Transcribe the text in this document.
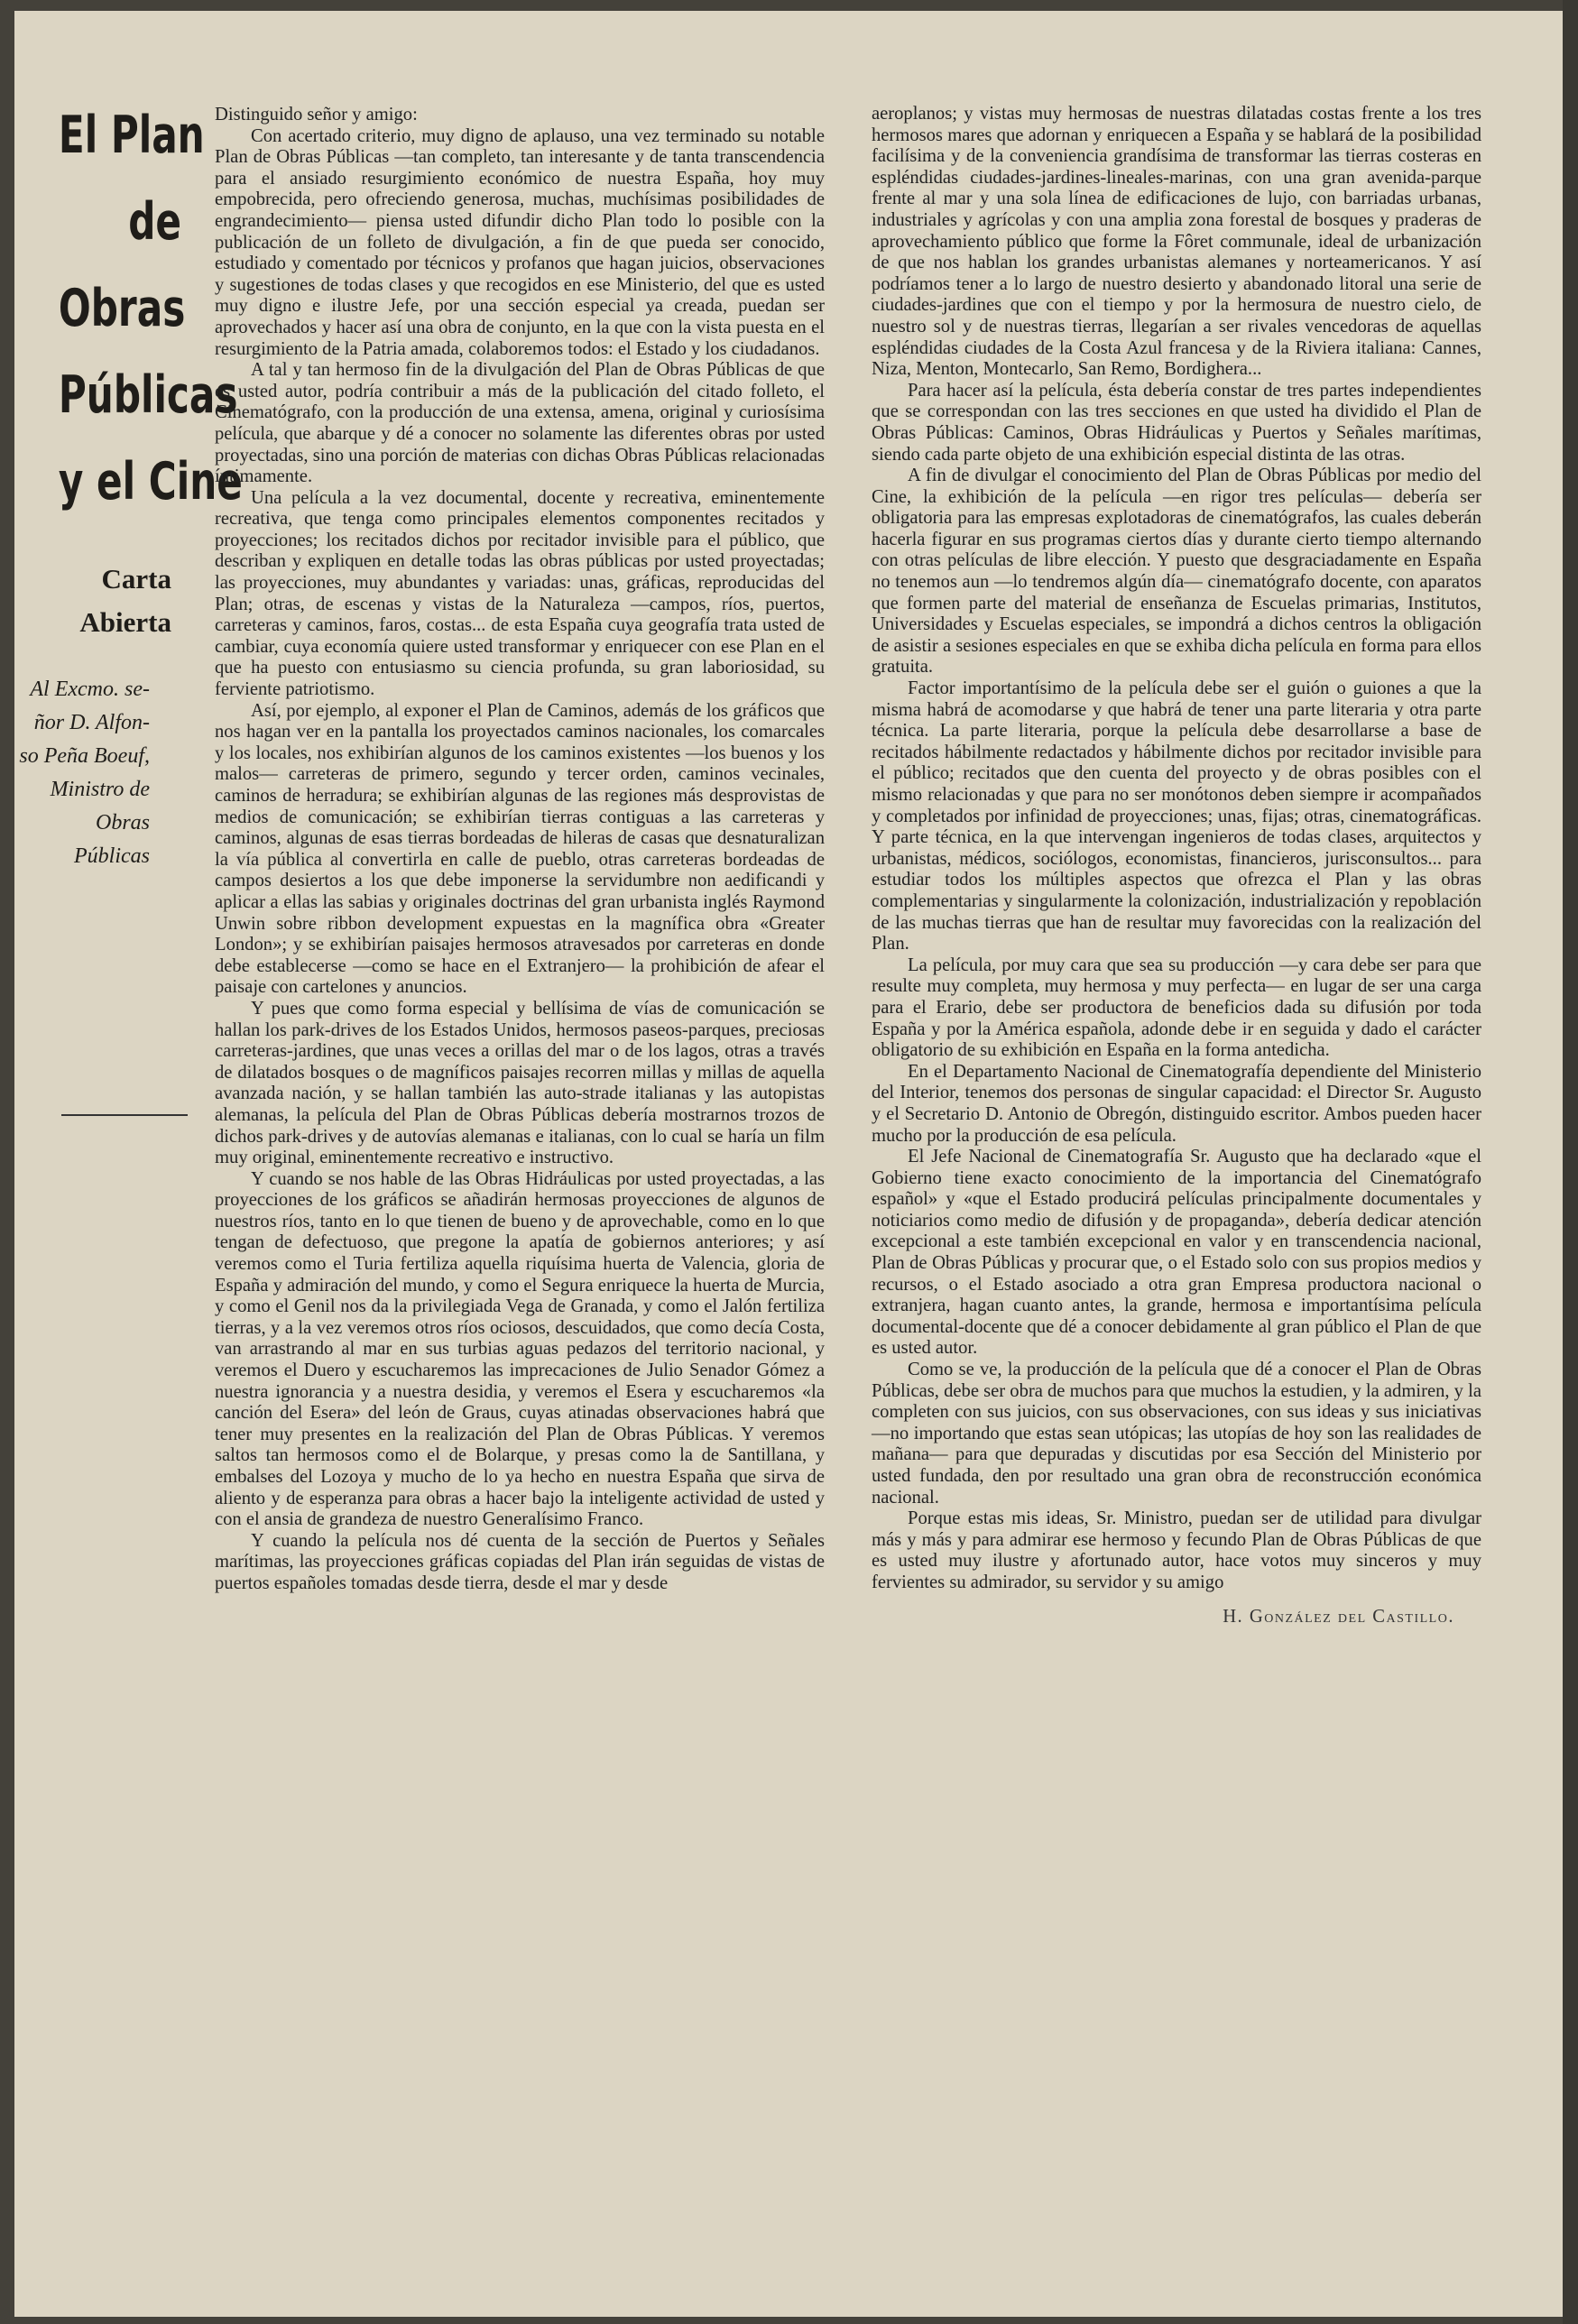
El Plan
de
Obras
Públicas
y el Cine
Carta
Abierta
Al Excmo. se-
ñor D. Alfon-
so Peña Boeuf,
Ministro de
Obras
Públicas

Distinguido señor y amigo:

Con acertado criterio, muy digno de aplauso, una vez terminado su notable Plan de Obras Públicas —tan completo, tan interesante y de tanta transcendencia para el ansiado resurgimiento económico de nuestra España, hoy muy empobrecida, pero ofreciendo generosa, muchas, muchísimas posibilidades de engrandecimiento— piensa usted difundir dicho Plan todo lo posible con la publicación de un folleto de divulgación, a fin de que pueda ser conocido, estudiado y comentado por técnicos y profanos que hagan juicios, observaciones y sugestiones de todas clases y que recogidos en ese Ministerio, del que es usted muy digno e ilustre Jefe, por una sección especial ya creada, puedan ser aprovechados y hacer así una obra de conjunto, en la que con la vista puesta en el resurgimiento de la Patria amada, colaboremos todos: el Estado y los ciudadanos.

A tal y tan hermoso fin de la divulgación del Plan de Obras Públicas de que es usted autor, podría contribuir a más de la publicación del citado folleto, el Cinematógrafo, con la producción de una extensa, amena, original y curiosísima película, que abarque y dé a conocer no solamente las diferentes obras por usted proyectadas, sino una porción de materias con dichas Obras Públicas relacionadas íntimamente.

Una película a la vez documental, docente y recreativa, eminentemente recreativa, que tenga como principales elementos componentes recitados y proyecciones; los recitados dichos por recitador invisible para el público, que describan y expliquen en detalle todas las obras públicas por usted proyectadas; las proyecciones, muy abundantes y variadas: unas, gráficas, reproducidas del Plan; otras, de escenas y vistas de la Naturaleza —campos, ríos, puertos, carreteras y caminos, faros, costas... de esta España cuya geografía trata usted de cambiar, cuya economía quiere usted transformar y enriquecer con ese Plan en el que ha puesto con entusiasmo su ciencia profunda, su gran laboriosidad, su ferviente patriotismo.

Así, por ejemplo, al exponer el Plan de Caminos, además de los gráficos que nos hagan ver en la pantalla los proyectados caminos nacionales, los comarcales y los locales, nos exhibirían algunos de los caminos existentes —los buenos y los malos— carreteras de primero, segundo y tercer orden, caminos vecinales, caminos de herradura; se exhibirían algunas de las regiones más desprovistas de medios de comunicación; se exhibirían tierras contiguas a las carreteras y caminos, algunas de esas tierras bordeadas de hileras de casas que desnaturalizan la vía pública al convertirla en calle de pueblo, otras carreteras bordeadas de campos desiertos a los que debe imponerse la servidumbre non aedificandi y aplicar a ellas las sabias y originales doctrinas del gran urbanista inglés Raymond Unwin sobre ribbon development expuestas en la magnífica obra «Greater London»; y se exhibirían paisajes hermosos atravesados por carreteras en donde debe establecerse —como se hace en el Extranjero— la prohibición de afear el paisaje con cartelones y anuncios.

Y pues que como forma especial y bellísima de vías de comunicación se hallan los park-drives de los Estados Unidos, hermosos paseos-parques, preciosas carreteras-jardines, que unas veces a orillas del mar o de los lagos, otras a través de dilatados bosques o de magníficos paisajes recorren millas y millas de aquella avanzada nación, y se hallan también las auto-strade italianas y las autopistas alemanas, la película del Plan de Obras Públicas debería mostrarnos trozos de dichos park-drives y de autovías alemanas e italianas, con lo cual se haría un film muy original, eminentemente recreativo e instructivo.

Y cuando se nos hable de las Obras Hidráulicas por usted proyectadas, a las proyecciones de los gráficos se añadirán hermosas proyecciones de algunos de nuestros ríos, tanto en lo que tienen de bueno y de aprovechable, como en lo que tengan de defectuoso, que pregone la apatía de gobiernos anteriores; y así veremos como el Turia fertiliza aquella riquísima huerta de Valencia, gloria de España y admiración del mundo, y como el Segura enriquece la huerta de Murcia, y como el Genil nos da la privilegiada Vega de Granada, y como el Jalón fertiliza tierras, y a la vez veremos otros ríos ociosos, descuidados, que como decía Costa, van arrastrando al mar en sus turbias aguas pedazos del territorio nacional, y veremos el Duero y escucharemos las imprecaciones de Julio Senador Gómez a nuestra ignorancia y a nuestra desidia, y veremos el Esera y escucharemos «la canción del Esera» del león de Graus, cuyas atinadas observaciones habrá que tener muy presentes en la realización del Plan de Obras Públicas. Y veremos saltos tan hermosos como el de Bolarque, y presas como la de Santillana, y embalses del Lozoya y mucho de lo ya hecho en nuestra España que sirva de aliento y de esperanza para obras a hacer bajo la inteligente actividad de usted y con el ansia de grandeza de nuestro Generalísimo Franco.

Y cuando la película nos dé cuenta de la sección de Puertos y Señales marítimas, las proyecciones gráficas copiadas del Plan irán seguidas de vistas de puertos españoles tomadas desde tierra, desde el mar y desde

aeroplanos; y vistas muy hermosas de nuestras dilatadas costas frente a los tres hermosos mares que adornan y enriquecen a España y se hablará de la posibilidad facilísima y de la conveniencia grandísima de transformar las tierras costeras en espléndidas ciudades-jardines-lineales-marinas, con una gran avenida-parque frente al mar y una sola línea de edificaciones de lujo, con barriadas urbanas, industriales y agrícolas y con una amplia zona forestal de bosques y praderas de aprovechamiento público que forme la Fôret communale, ideal de urbanización de que nos hablan los grandes urbanistas alemanes y norteamericanos. Y así podríamos tener a lo largo de nuestro desierto y abandonado litoral una serie de ciudades-jardines que con el tiempo y por la hermosura de nuestro cielo, de nuestro sol y de nuestras tierras, llegarían a ser rivales vencedoras de aquellas espléndidas ciudades de la Costa Azul francesa y de la Riviera italiana: Cannes, Niza, Menton, Montecarlo, San Remo, Bordighera...

Para hacer así la película, ésta debería constar de tres partes independientes que se correspondan con las tres secciones en que usted ha dividido el Plan de Obras Públicas: Caminos, Obras Hidráulicas y Puertos y Señales marítimas, siendo cada parte objeto de una exhibición especial distinta de las otras.

A fin de divulgar el conocimiento del Plan de Obras Públicas por medio del Cine, la exhibición de la película —en rigor tres películas— debería ser obligatoria para las empresas explotadoras de cinematógrafos, las cuales deberán hacerla figurar en sus programas ciertos días y durante cierto tiempo alternando con otras películas de libre elección. Y puesto que desgraciadamente en España no tenemos aun —lo tendremos algún día— cinematógrafo docente, con aparatos que formen parte del material de enseñanza de Escuelas primarias, Institutos, Universidades y Escuelas especiales, se impondrá a dichos centros la obligación de asistir a sesiones especiales en que se exhiba dicha película en forma para ellos gratuita.

Factor importantísimo de la película debe ser el guión o guiones a que la misma habrá de acomodarse y que habrá de tener una parte literaria y otra parte técnica. La parte literaria, porque la película debe desarrollarse a base de recitados hábilmente redactados y hábilmente dichos por recitador invisible para el público; recitados que den cuenta del proyecto y de obras posibles con el mismo relacionadas y que para no ser monótonos deben siempre ir acompañados y completados por infinidad de proyecciones; unas, fijas; otras, cinematográficas. Y parte técnica, en la que intervengan ingenieros de todas clases, arquitectos y urbanistas, médicos, sociólogos, economistas, financieros, jurisconsultos... para estudiar todos los múltiples aspectos que ofrezca el Plan y las obras complementarias y singularmente la colonización, industrialización y repoblación de las muchas tierras que han de resultar muy favorecidas con la realización del Plan.

La película, por muy cara que sea su producción —y cara debe ser para que resulte muy completa, muy hermosa y muy perfecta— en lugar de ser una carga para el Erario, debe ser productora de beneficios dada su difusión por toda España y por la América española, adonde debe ir en seguida y dado el carácter obligatorio de su exhibición en España en la forma antedicha.

En el Departamento Nacional de Cinematografía dependiente del Ministerio del Interior, tenemos dos personas de singular capacidad: el Director Sr. Augusto y el Secretario D. Antonio de Obregón, distinguido escritor. Ambos pueden hacer mucho por la producción de esa película.

El Jefe Nacional de Cinematografía Sr. Augusto que ha declarado «que el Gobierno tiene exacto conocimiento de la importancia del Cinematógrafo español» y «que el Estado producirá películas principalmente documentales y noticiarios como medio de difusión y de propaganda», debería dedicar atención excepcional a este también excepcional en valor y en transcendencia nacional, Plan de Obras Públicas y procurar que, o el Estado solo con sus propios medios y recursos, o el Estado asociado a otra gran Empresa productora nacional o extranjera, hagan cuanto antes, la grande, hermosa e importantísima película documental-docente que dé a conocer debidamente al gran público el Plan de que es usted autor.

Como se ve, la producción de la película que dé a conocer el Plan de Obras Públicas, debe ser obra de muchos para que muchos la estudien, y la admiren, y la completen con sus juicios, con sus observaciones, con sus ideas y sus iniciativas —no importando que estas sean utópicas; las utopías de hoy son las realidades de mañana— para que depuradas y discutidas por esa Sección del Ministerio por usted fundada, den por resultado una gran obra de reconstrucción económica nacional.

Porque estas mis ideas, Sr. Ministro, puedan ser de utilidad para divulgar más y más y para admirar ese hermoso y fecundo Plan de Obras Públicas de que es usted muy ilustre y afortunado autor, hace votos muy sinceros y muy fervientes su admirador, su servidor y su amigo

H. González del Castillo.
